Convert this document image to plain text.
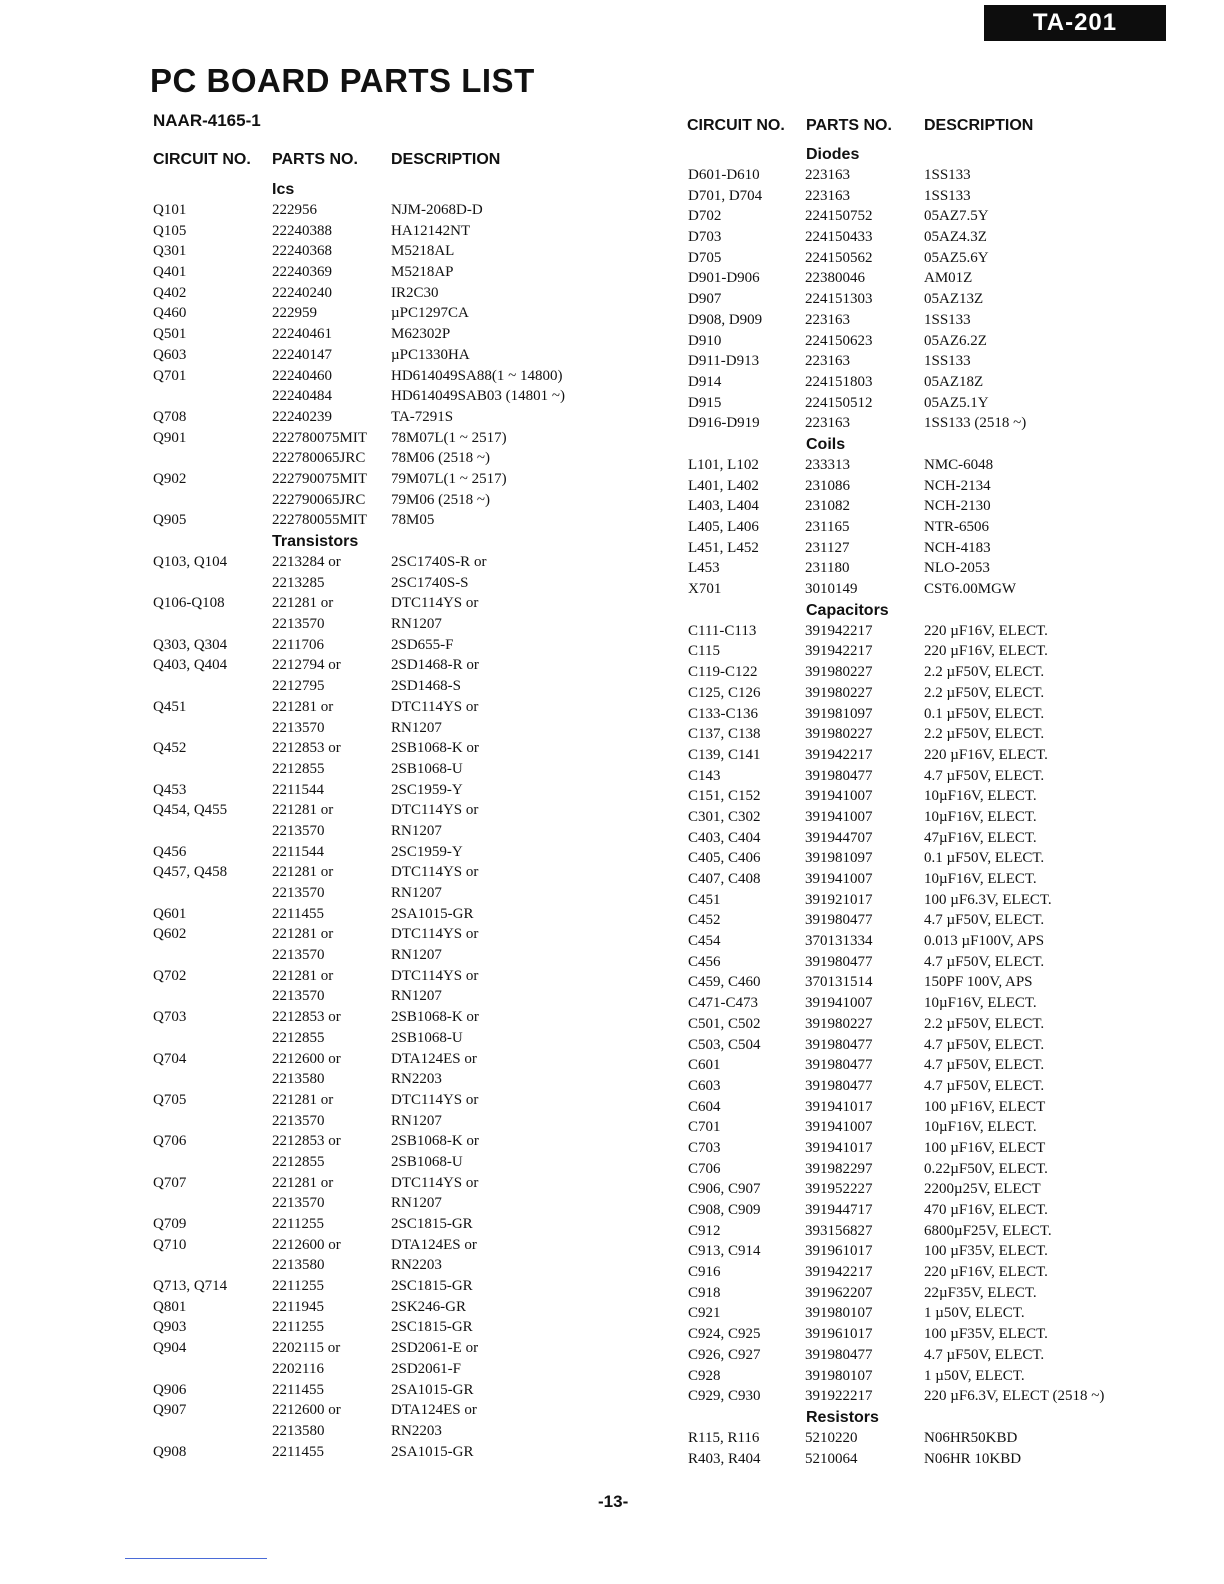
TA-201
PC BOARD PARTS LIST
NAAR-4165-1
CIRCUIT NO. PARTS NO. DESCRIPTION
CIRCUIT NO. PARTS NO. DESCRIPTION
Ics
Q101	222956	NJM-2068D-D
Q105	22240388	HA12142NT
Q301	22240368	M5218AL
Q401	22240369	M5218AP
Q402	22240240	IR2C30
Q460	222959	µPC1297CA
Q501	22240461	M62302P
Q603	22240147	µPC1330HA
Q701	22240460	HD614049SA88(1 ~ 14800)
22240484	HD614049SAB03 (14801 ~)
Q708	22240239	TA-7291S
Q901	222780075MIT 78M07L(1 ~ 2517)
222780065JRC 78M06 (2518 ~)
Q902	222790075MIT 79M07L(1 ~ 2517)
222790065JRC 79M06 (2518 ~)
Q905	222780055MIT 78M05
Transistors
Q103, Q104	2213284 or	2SC1740S-R or
2213285	2SC1740S-S
Q106-Q108	221281 or	DTC114YS or
2213570	RN1207
Q303, Q304	2211706	2SD655-F
Q403, Q404	2212794 or	2SD1468-R or
2212795	2SD1468-S
Q451	221281 or	DTC114YS or
2213570	RN1207
Q452	2212853 or	2SB1068-K or
2212855	2SB1068-U
Q453	2211544	2SC1959-Y
Q454, Q455	221281 or	DTC114YS or
2213570	RN1207
Q456	2211544	2SC1959-Y
Q457, Q458	221281 or	DTC114YS or
2213570	RN1207
Q601	2211455	2SA1015-GR
Q602	221281 or	DTC114YS or
2213570	RN1207
Q702	221281 or	DTC114YS or
2213570	RN1207
Q703	2212853 or	2SB1068-K or
2212855	2SB1068-U
Q704	2212600 or	DTA124ES or
2213580	RN2203
Q705	221281 or	DTC114YS or
2213570	RN1207
Q706	2212853 or	2SB1068-K or
2212855	2SB1068-U
Q707	221281 or	DTC114YS or
2213570	RN1207
Q709	2211255	2SC1815-GR
Q710	2212600 or	DTA124ES or
2213580	RN2203
Q713, Q714	2211255	2SC1815-GR
Q801	2211945	2SK246-GR
Q903	2211255	2SC1815-GR
Q904	2202115 or	2SD2061-E or
2202116	2SD2061-F
Q906	2211455	2SA1015-GR
Q907	2212600 or	DTA124ES or
2213580	RN2203
Q908	2211455	2SA1015-GR
Diodes
D601-D610	223163	1SS133
D701, D704	223163	1SS133
D702	224150752	05AZ7.5Y
D703	224150433	05AZ4.3Z
D705	224150562	05AZ5.6Y
D901-D906	22380046	AM01Z
D907	224151303	05AZ13Z
D908, D909	223163	1SS133
D910	224150623	05AZ6.2Z
D911-D913	223163	1SS133
D914	224151803	05AZ18Z
D915	224150512	05AZ5.1Y
D916-D919	223163	1SS133 (2518 ~)
Coils
L101, L102	233313	NMC-6048
L401, L402	231086	NCH-2134
L403, L404	231082	NCH-2130
L405, L406	231165	NTR-6506
L451, L452	231127	NCH-4183
L453	231180	NLO-2053
X701	3010149	CST6.00MGW
Capacitors
C111-C113	391942217	220 µF16V, ELECT.
C115	391942217	220 µF16V, ELECT.
C119-C122	391980227	2.2 µF50V, ELECT.
C125, C126	391980227	2.2 µF50V, ELECT.
C133-C136	391981097	0.1 µF50V, ELECT.
C137, C138	391980227	2.2 µF50V, ELECT.
C139, C141	391942217	220 µF16V, ELECT.
C143	391980477	4.7 µF50V, ELECT.
C151, C152	391941007	10µF16V, ELECT.
C301, C302	391941007	10µF16V, ELECT.
C403, C404	391944707	47µF16V, ELECT.
C405, C406	391981097	0.1 µF50V, ELECT.
C407, C408	391941007	10µF16V, ELECT.
C451	391921017	100 µF6.3V, ELECT.
C452	391980477	4.7 µF50V, ELECT.
C454	370131334	0.013 µF100V, APS
C456	391980477	4.7 µF50V, ELECT.
C459, C460	370131514	150PF 100V, APS
C471-C473	391941007	10µF16V, ELECT.
C501, C502	391980227	2.2 µF50V, ELECT.
C503, C504	391980477	4.7 µF50V, ELECT.
C601	391980477	4.7 µF50V, ELECT.
C603	391980477	4.7 µF50V, ELECT.
C604	391941017	100 µF16V, ELECT
C701	391941007	10µF16V, ELECT.
C703	391941017	100 µF16V, ELECT
C706	391982297	0.22µF50V, ELECT.
C906, C907	391952227	2200µ25V, ELECT
C908, C909	391944717	470 µF16V, ELECT.
C912	393156827	6800µF25V, ELECT.
C913, C914	391961017	100 µF35V, ELECT.
C916	391942217	220 µF16V, ELECT.
C918	391962207	22µF35V, ELECT.
C921	391980107	1 µ50V, ELECT.
C924, C925	391961017	100 µF35V, ELECT.
C926, C927	391980477	4.7 µF50V, ELECT.
C928	391980107	1 µ50V, ELECT.
C929, C930	391922217	220 µF6.3V, ELECT (2518 ~)
Resistors
R115, R116	5210220	N06HR50KBD
R403, R404	5210064	N06HR 10KBD
-13-
